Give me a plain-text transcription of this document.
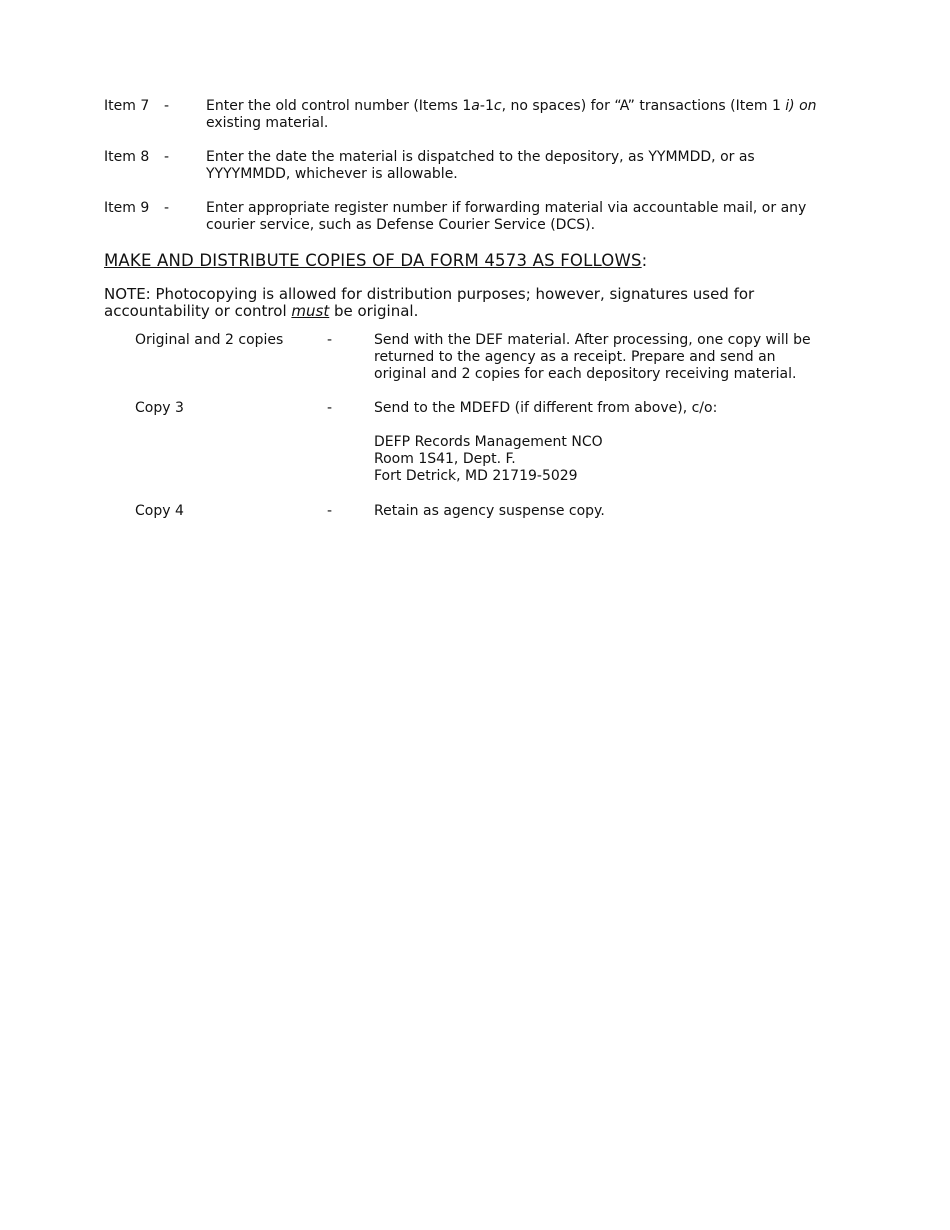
Item 7	-	Enter the old control number (Items 1a-1c, no spaces) for “A” transactions (Item 1 i) on
existing material.
Item 8	-	Enter the date the material is dispatched to the depository, as YYMMDD, or as
YYYYMMDD, whichever is allowable.
Item 9	-	Enter appropriate register number if forwarding material via accountable mail, or any
courier service, such as Defense Courier Service (DCS).
MAKE AND DISTRIBUTE COPIES OF DA FORM 4573 AS FOLLOWS:
NOTE: Photocopying is allowed for distribution purposes; however, signatures used for
accountability or control must be original.
Original and 2 copies	-	Send with the DEF material. After processing, one copy will be
returned to the agency as a receipt. Prepare and send an
original and 2 copies for each depository receiving material.
Copy 3	-	Send to the MDEFD (if different from above), c/o:
DEFP Records Management NCO
Room 1S41, Dept. F.
Fort Detrick, MD 21719-5029
Copy 4	-	Retain as agency suspense copy.
